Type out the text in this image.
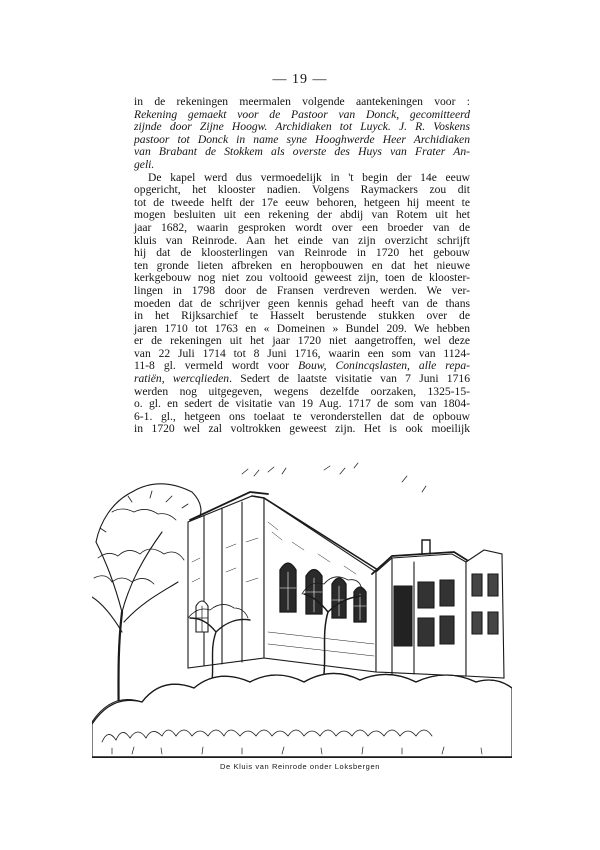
— 19 —
in de rekeningen meermalen volgende aantekeningen voor :
Rekening gemaekt voor de Pastoor van Donck, gecomitteerd
zijnde door Zijne Hoogw. Archidiaken tot Luyck. J. R. Voskens
pastoor tot Donck in name syne Hooghwerde Heer Archidiaken
van Brabant de Stokkem als overste des Huys van Frater An-
geli.
De kapel werd dus vermoedelijk in 't begin der 14e eeuw
opgericht, het klooster nadien. Volgens Raymackers zou dit
tot de tweede helft der 17e eeuw behoren, hetgeen hij meent te
mogen besluiten uit een rekening der abdij van Rotem uit het
jaar 1682, waarin gesproken wordt over een broeder van de
kluis van Reinrode. Aan het einde van zijn overzicht schrijft
hij dat de kloosterlingen van Reinrode in 1720 het gebouw
ten gronde lieten afbreken en heropbouwen en dat het nieuwe
kerkgebouw nog niet zou voltooid geweest zijn, toen de klooster-
lingen in 1798 door de Fransen verdreven werden. We ver-
moeden dat de schrijver geen kennis gehad heeft van de thans
in het Rijksarchief te Hasselt berustende stukken over de
jaren 1710 tot 1763 en « Domeinen » Bundel 209. We hebben
er de rekeningen uit het jaar 1720 niet aangetroffen, wel deze
van 22 Juli 1714 tot 8 Juni 1716, waarin een som van 1124-
11-8 gl. vermeld wordt voor Bouw, Conincqslasten, alle repa-
ratiën, wercqlieden. Sedert de laatste visitatie van 7 Juni 1716
werden nog uitgegeven, wegens dezelfde oorzaken, 1325-15-
o. gl. en sedert de visitatie van 19 Aug. 1717 de som van 1804-
6-1. gl., hetgeen ons toelaat te veronderstellen dat de opbouw
in 1720 wel zal voltrokken geweest zijn. Het is ook moeilijk
De Kluis van Reinrode onder Loksbergen
